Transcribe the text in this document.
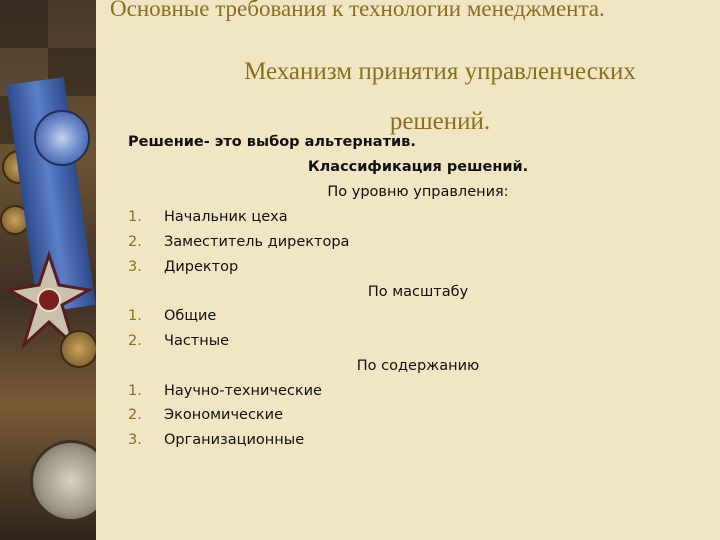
Основные требования к технологии менеджмента.
Механизм принятия управленческих
решений.
Решение- это выбор альтернатив.
Классификация решений.
По уровню управления:
1. Начальник цеха
2. Заместитель директора
3. Директор
По масштабу
1. Общие
2. Частные
По содержанию
1. Научно-технические
2. Экономические
3. Организационные
